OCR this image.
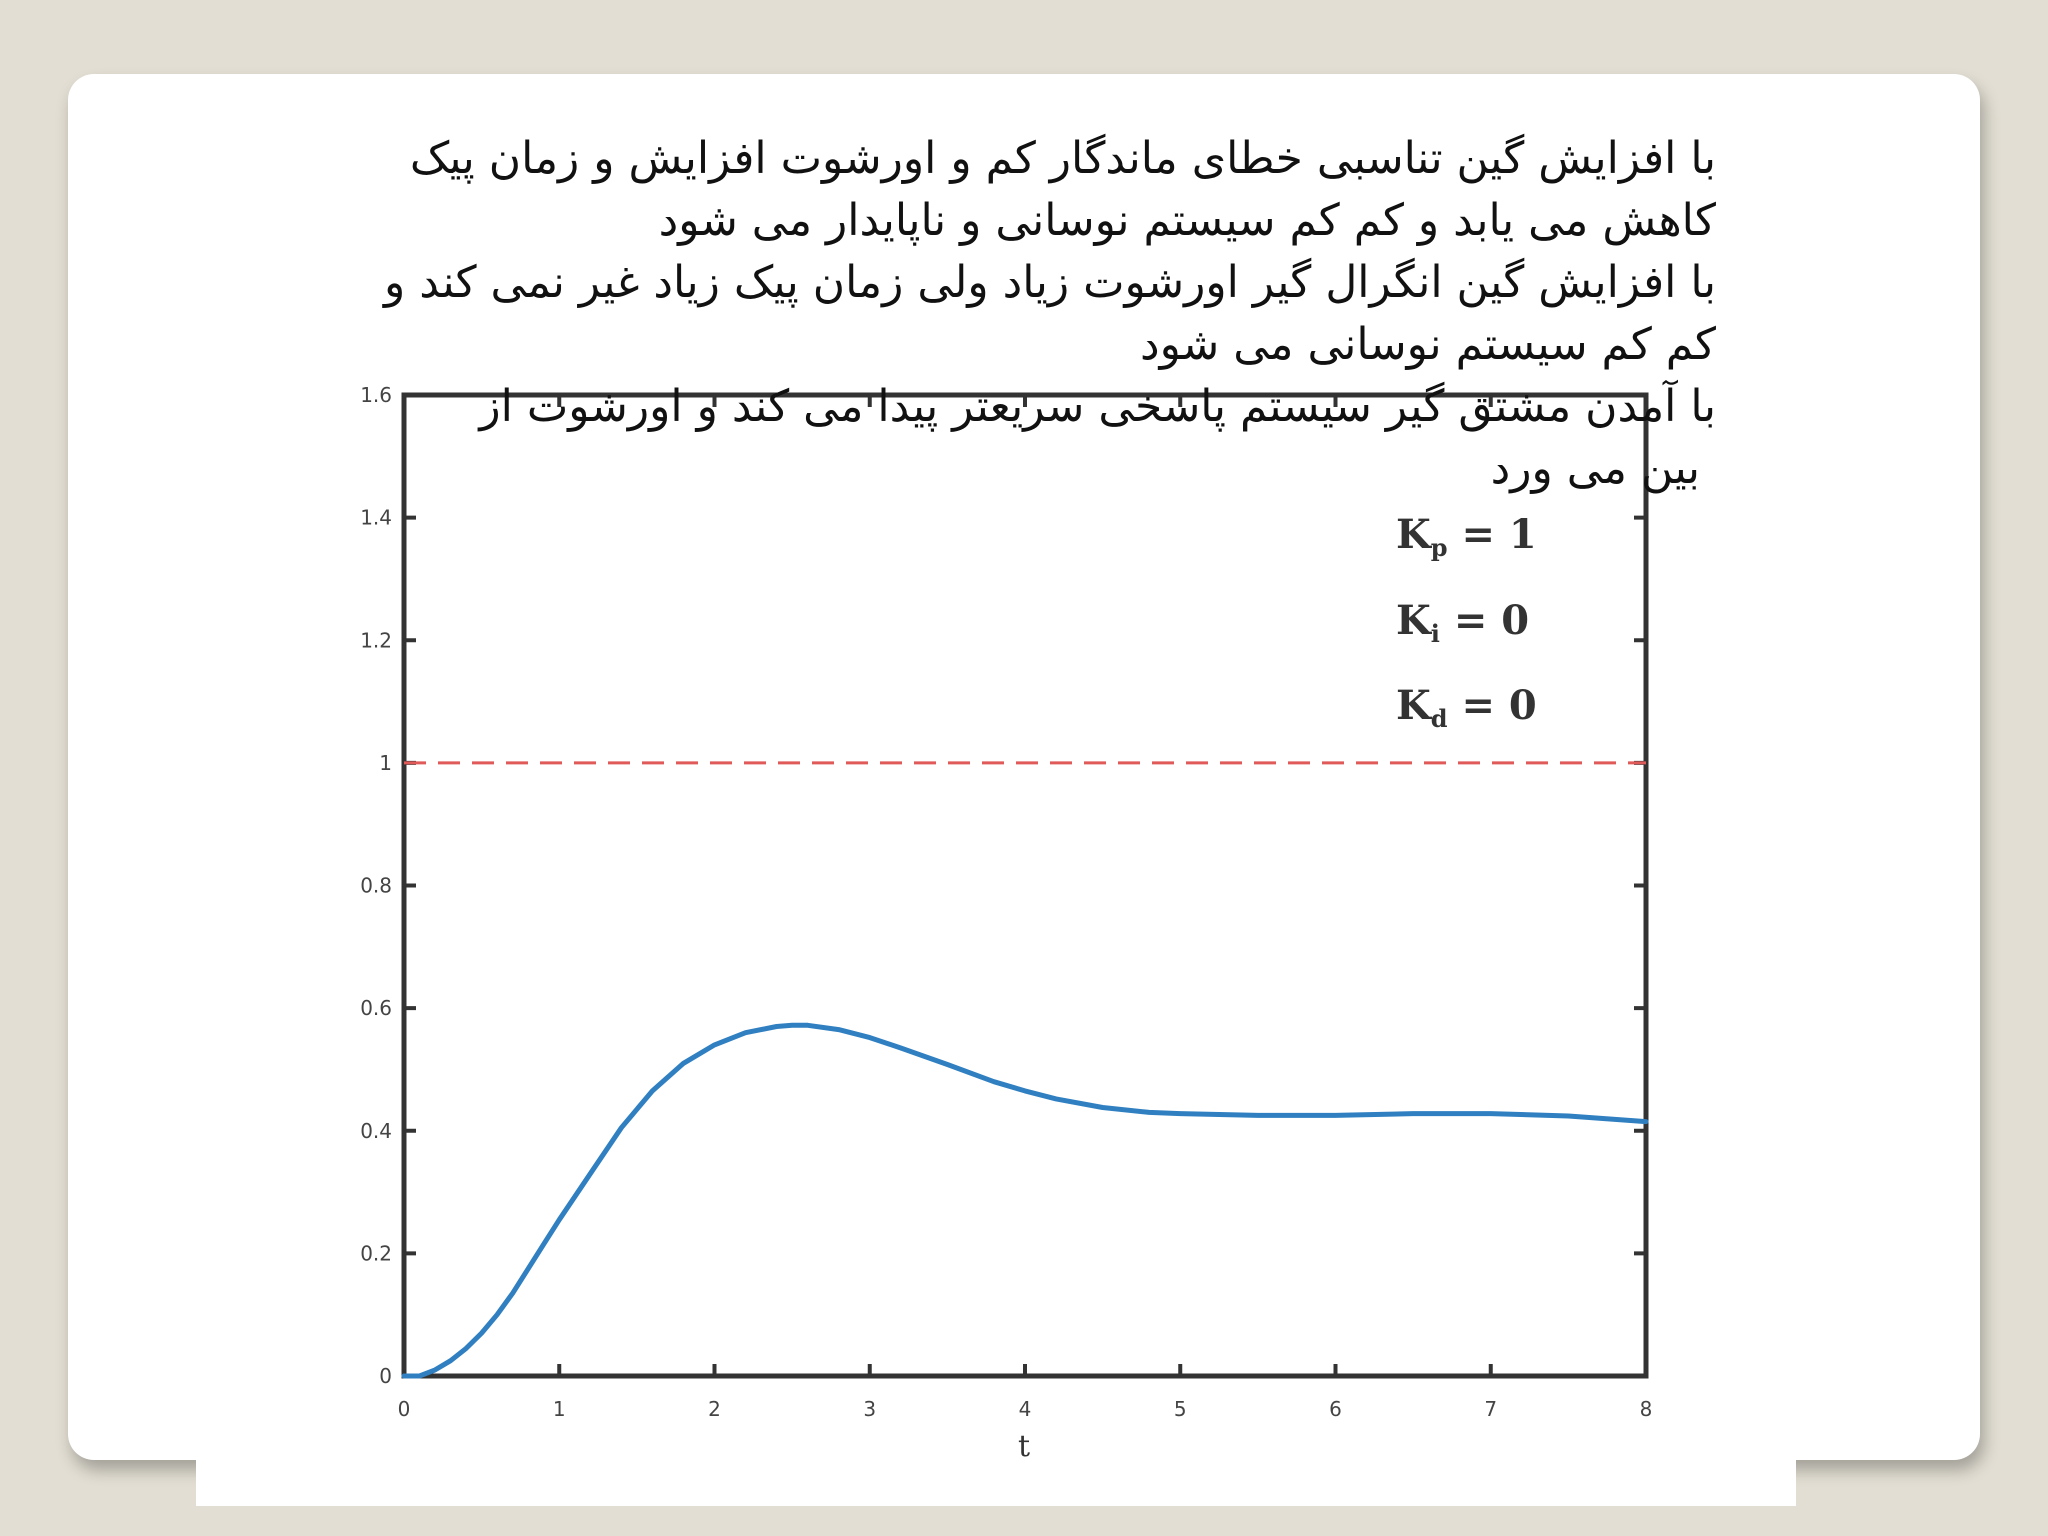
0	1	2	3	4	5	6	7	8
0
0.2
0.4
0.6
0.8
1
1.2
1.4
1.6
$K_p = 1$
$K_i = 0$
$K_d = 0$
t
با افزایش گین تناسبی خطای ماندگار کم و اورشوت افزایش و زمان پیک
کاهش می یابد و کم کم سیستم نوسانی و ناپایدار می شود
با افزایش گین انگرال گیر اورشوت زیاد ولی زمان پیک زیاد غیر نمی کند و
کم کم سیستم نوسانی می شود
با آمدن مشتق گیر سیستم پاسخی سریعتر پیدا می کند و اورشوت از
بین می ورد
